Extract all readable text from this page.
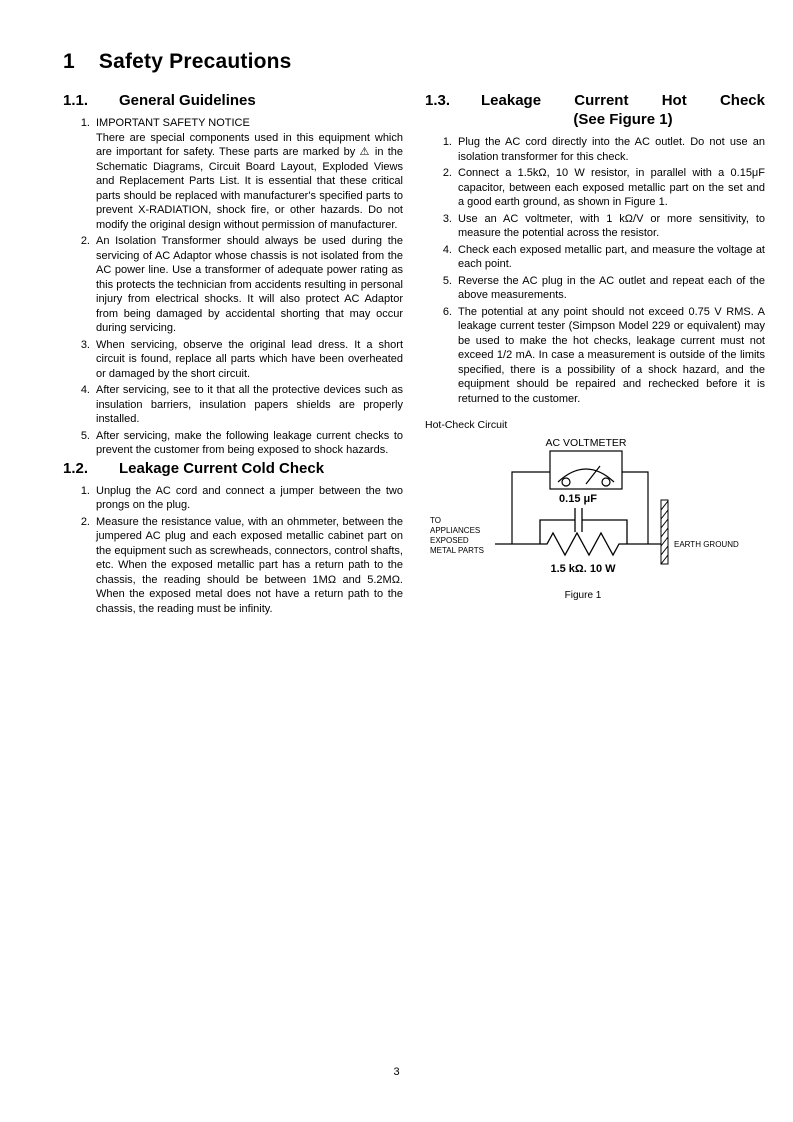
1 Safety Precautions
1.1.	General Guidelines
1. IMPORTANT SAFETY NOTICE
There are special components used in this equipment which are important for safety. These parts are marked by ⚠ in the Schematic Diagrams, Circuit Board Layout, Exploded Views and Replacement Parts List. It is essential that these critical parts should be replaced with manufacturer's specified parts to prevent X-RADIATION, shock fire, or other hazards. Do not modify the original design without permission of manufacturer.
2. An Isolation Transformer should always be used during the servicing of AC Adaptor whose chassis is not isolated from the AC power line. Use a transformer of adequate power rating as this protects the technician from accidents resulting in personal injury from electrical shocks. It will also protect AC Adaptor from being damaged by accidental shorting that may occur during servicing.
3. When servicing, observe the original lead dress. It a short circuit is found, replace all parts which have been overheated or damaged by the short circuit.
4. After servicing, see to it that all the protective devices such as insulation barriers, insulation papers shields are properly installed.
5. After servicing, make the following leakage current checks to prevent the customer from being exposed to shock hazards.
1.2.	Leakage Current Cold Check
1. Unplug the AC cord and connect a jumper between the two prongs on the plug.
2. Measure the resistance value, with an ohmmeter, between the jumpered AC plug and each exposed metallic cabinet part on the equipment such as screwheads, connectors, control shafts, etc. When the exposed metallic part has a return path to the chassis, the reading should be between 1MΩ and 5.2MΩ. When the exposed metal does not have a return path to the chassis, the reading must be infinity.
1.3.	Leakage Current Hot Check
(See Figure 1)
1. Plug the AC cord directly into the AC outlet. Do not use an isolation transformer for this check.
2. Connect a 1.5kΩ, 10 W resistor, in parallel with a 0.15μF capacitor, between each exposed metallic part on the set and a good earth ground, as shown in Figure 1.
3. Use an AC voltmeter, with 1 kΩ/V or more sensitivity, to measure the potential across the resistor.
4. Check each exposed metallic part, and measure the voltage at each point.
5. Reverse the AC plug in the AC outlet and repeat each of the above measurements.
6. The potential at any point should not exceed 0.75 V RMS. A leakage current tester (Simpson Model 229 or equivalent) may be used to make the hot checks, leakage current must not exceed 1/2 mA. In case a measurement is outside of the limits specified, there is a possibility of a shock hazard, and the equipment should be repaired and rechecked before it is returned to the customer.
Hot-Check Circuit
AC VOLTMETER
0.15 μF
1.5 kΩ. 10 W
EARTH GROUND
TO
APPLIANCES
EXPOSED
METAL PARTS
Figure 1
3
